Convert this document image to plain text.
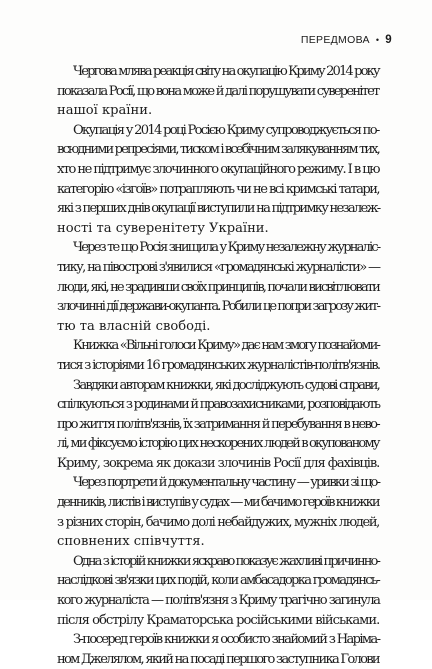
ПЕРЕДМОВА • 9

Чергова млява реакція світу на окупацію Криму 2014 року
показала Росії, що вона може й далі порушувати суверенітет
нашої країни.

Окупація у 2014 році Росією Криму супроводжується по-
всюдними репресіями, тиском і всебічним залякуванням тих,
хто не підтримує злочинного окупаційного режиму. І в цю
категорію «ізгоїв» потрапляють чи не всі кримські татари,
які з перших днів окупації виступили на підтримку незалеж-
ності та суверенітету України.

Через те що Росія знищила у Криму незалежну журналіс-
тику, на півострові з'явилися «громадянські журналісти» —
люди, які, не зрадивши своїх принципів, почали висвітлювати
злочинні дії держави-окупанта. Робили це попри загрозу жит-
тю та власній свободі.

Книжка «Вільні голоси Криму» дає нам змогу познайоми-
тися з історіями 16 громадянських журналістів-політв'язнів.

Завдяки авторам книжки, які досліджують судові справи,
спілкуються з родинами й правозахисниками, розповідають
про життя політв'язнів, їх затримання й перебування в нево-
лі, ми фіксуємо історію цих нескорених людей в окупованому
Криму, зокрема як докази злочинів Росії для фахівців.

Через портрети й документальну частину — уривки зі що-
денників, листів і виступів у судах — ми бачимо героїв книжки
з різних сторін, бачимо долі небайдужих, мужніх людей,
сповнених співчуття.

Одна з історій книжки яскраво показує жахливі причинно-
наслідкові зв'язки цих подій, коли амбасадорка громадянсь-
кого журналіста — політв'язня з Криму трагічно загинула
після обстрілу Краматорська російськими військами.

З-посеред героїв книжки я особисто знайомий з Наріма-
ном Джелялом, який на посаді першого заступника Голови
